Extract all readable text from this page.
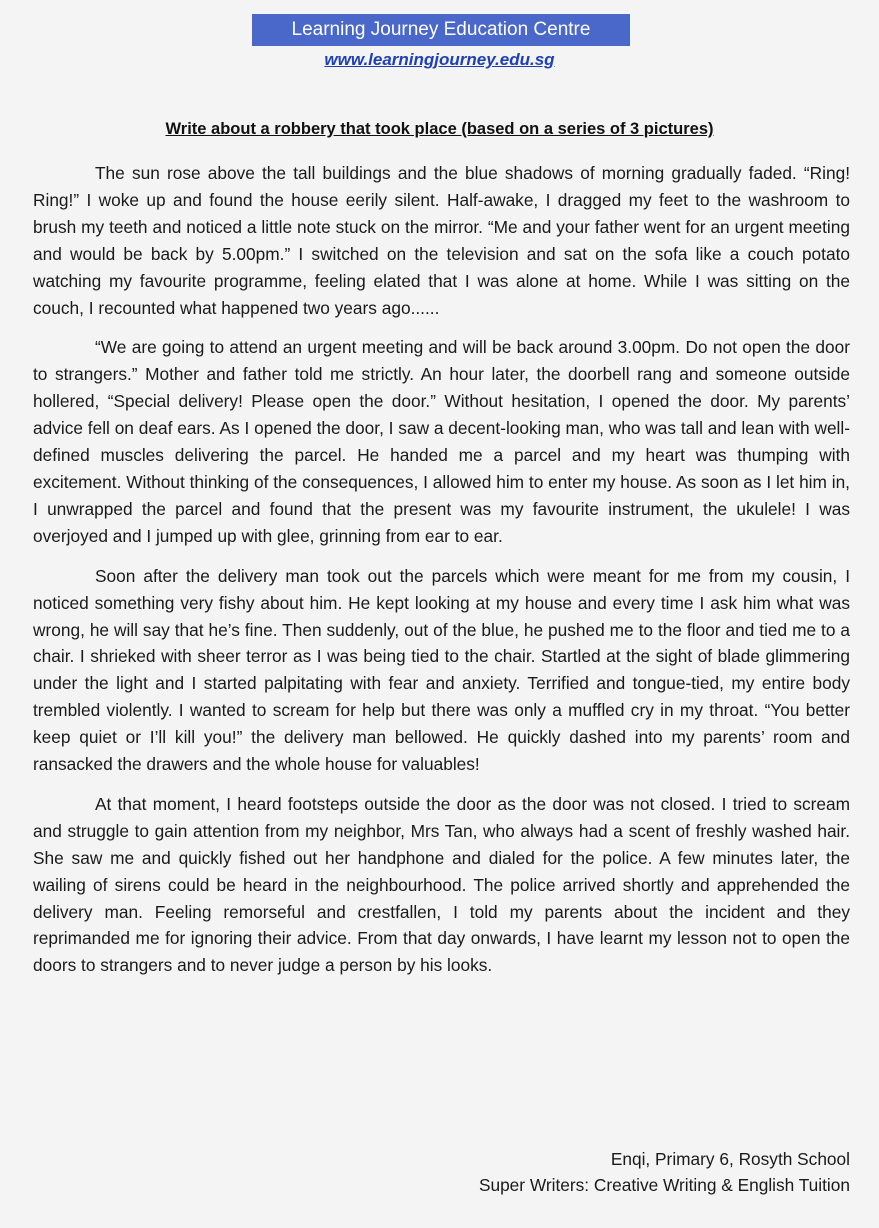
Learning Journey Education Centre
www.learningjourney.edu.sg
Write about a robbery that took place (based on a series of 3 pictures)

The sun rose above the tall buildings and the blue shadows of morning gradually faded. “Ring! Ring!” I woke up and found the house eerily silent. Half-awake, I dragged my feet to the washroom to brush my teeth and noticed a little note stuck on the mirror. “Me and your father went for an urgent meeting and would be back by 5.00pm.” I switched on the television and sat on the sofa like a couch potato watching my favourite programme, feeling elated that I was alone at home. While I was sitting on the couch, I recounted what happened two years ago......

“We are going to attend an urgent meeting and will be back around 3.00pm. Do not open the door to strangers.” Mother and father told me strictly. An hour later, the doorbell rang and someone outside hollered, “Special delivery! Please open the door.” Without hesitation, I opened the door. My parents’ advice fell on deaf ears. As I opened the door, I saw a decent-looking man, who was tall and lean with well-defined muscles delivering the parcel. He handed me a parcel and my heart was thumping with excitement. Without thinking of the consequences, I allowed him to enter my house. As soon as I let him in, I unwrapped the parcel and found that the present was my favourite instrument, the ukulele! I was overjoyed and I jumped up with glee, grinning from ear to ear.

Soon after the delivery man took out the parcels which were meant for me from my cousin, I noticed something very fishy about him. He kept looking at my house and every time I ask him what was wrong, he will say that he’s fine. Then suddenly, out of the blue, he pushed me to the floor and tied me to a chair. I shrieked with sheer terror as I was being tied to the chair. Startled at the sight of blade glimmering under the light and I started palpitating with fear and anxiety. Terrified and tongue-tied, my entire body trembled violently. I wanted to scream for help but there was only a muffled cry in my throat. “You better keep quiet or I’ll kill you!” the delivery man bellowed. He quickly dashed into my parents’ room and ransacked the drawers and the whole house for valuables!

At that moment, I heard footsteps outside the door as the door was not closed. I tried to scream and struggle to gain attention from my neighbor, Mrs Tan, who always had a scent of freshly washed hair. She saw me and quickly fished out her handphone and dialed for the police. A few minutes later, the wailing of sirens could be heard in the neighbourhood. The police arrived shortly and apprehended the delivery man. Feeling remorseful and crestfallen, I told my parents about the incident and they reprimanded me for ignoring their advice. From that day onwards, I have learnt my lesson not to open the doors to strangers and to never judge a person by his looks.

Enqi, Primary 6, Rosyth School
Super Writers: Creative Writing & English Tuition
